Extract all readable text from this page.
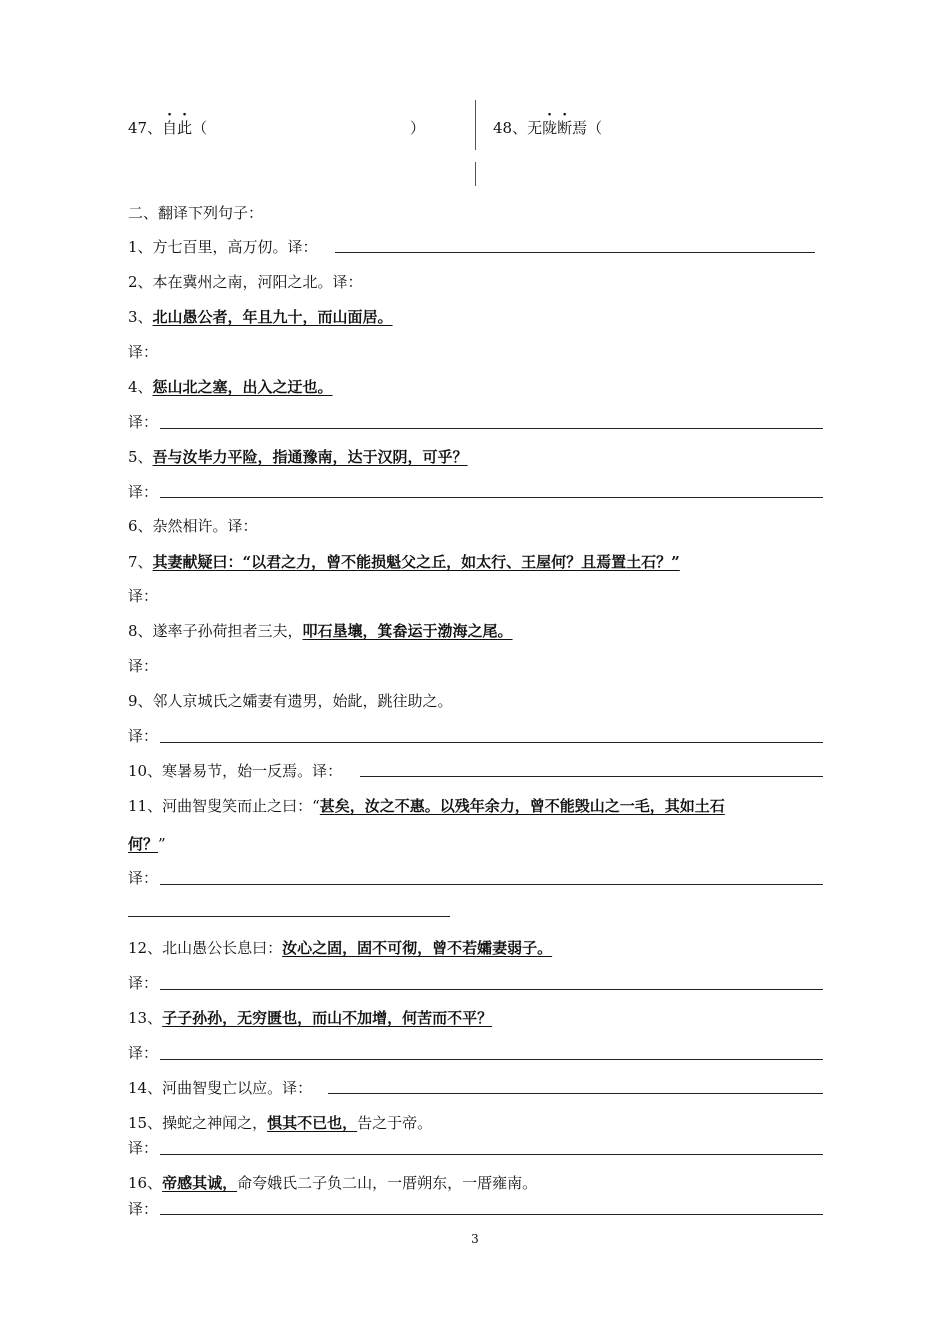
47、自此（	）	48、无陇断焉（
二、翻译下列句子：
1、方七百里，高万仞。译：
2、本在冀州之南，河阳之北。译：
3、北山愚公者，年且九十，而山面居。
译：
4、惩山北之塞，出入之迂也。
译：
5、吾与汝毕力平险，指通豫南，达于汉阴，可乎？
译：
6、杂然相许。译：
7、其妻献疑曰：“以君之力，曾不能损魁父之丘，如太行、王屋何？且焉置土石？”
译：
8、遂率子孙荷担者三夫，叩石垦壤，箕畚运于渤海之尾。
译：
9、邻人京城氏之孀妻有遗男，始龀，跳往助之。
译：
10、寒暑易节，始一反焉。译：
11、河曲智叟笑而止之曰：“甚矣，汝之不惠。以残年余力，曾不能毁山之一毛，其如土石
何？”
译：
12、北山愚公长息曰：汝心之固，固不可彻，曾不若孀妻弱子。
译：
13、子子孙孙，无穷匮也，而山不加增，何苦而不平？
译：
14、河曲智叟亡以应。译：
15、操蛇之神闻之，惧其不已也，告之于帝。
译：
16、帝感其诚，命夸娥氏二子负二山，一厝朔东，一厝雍南。
译：
3
